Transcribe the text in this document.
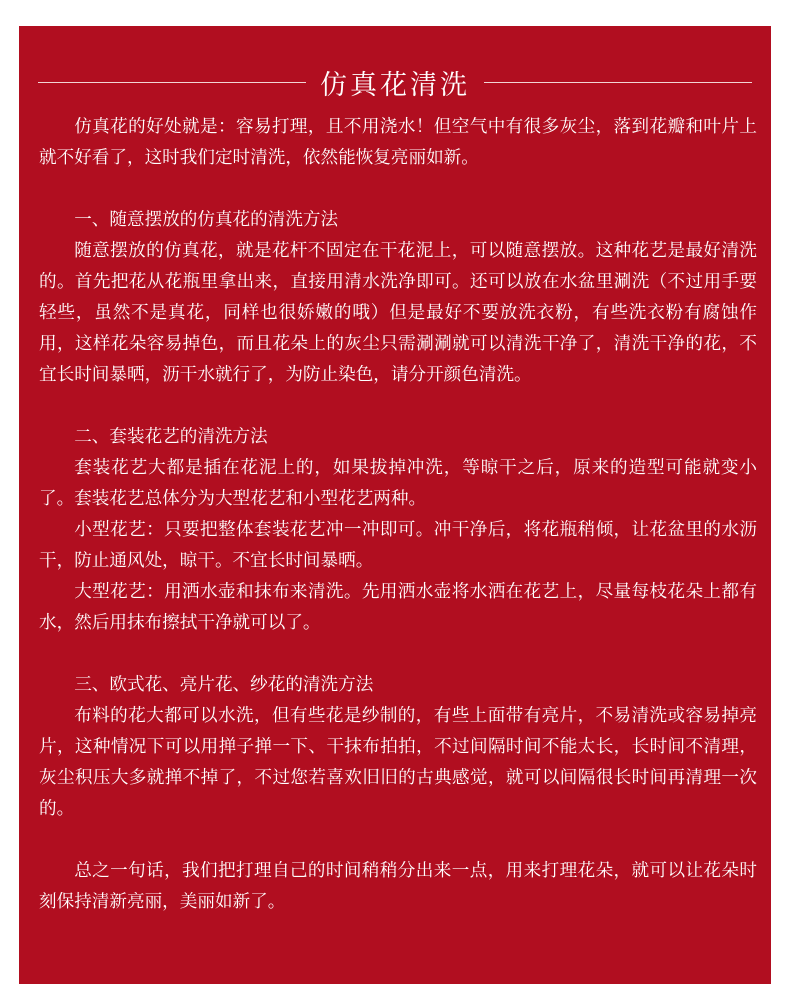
仿真花清洗

仿真花的好处就是：容易打理，且不用浇水！但空气中有很多灰尘，落到花瓣和叶片上就不好看了，这时我们定时清洗，依然能恢复亮丽如新。

一、随意摆放的仿真花的清洗方法

随意摆放的仿真花，就是花杆不固定在干花泥上，可以随意摆放。这种花艺是最好清洗的。首先把花从花瓶里拿出来，直接用清水洗净即可。还可以放在水盆里涮洗（不过用手要轻些，虽然不是真花，同样也很娇嫩的哦）但是最好不要放洗衣粉，有些洗衣粉有腐蚀作用，这样花朵容易掉色，而且花朵上的灰尘只需涮涮就可以清洗干净了，清洗干净的花，不宜长时间暴晒，沥干水就行了，为防止染色，请分开颜色清洗。

二、套装花艺的清洗方法

套装花艺大都是插在花泥上的，如果拔掉冲洗，等晾干之后，原来的造型可能就变小了。套装花艺总体分为大型花艺和小型花艺两种。

小型花艺：只要把整体套装花艺冲一冲即可。冲干净后，将花瓶稍倾，让花盆里的水沥干，防止通风处，晾干。不宜长时间暴晒。

大型花艺：用洒水壶和抹布来清洗。先用洒水壶将水洒在花艺上，尽量每枝花朵上都有水，然后用抹布擦拭干净就可以了。

三、欧式花、亮片花、纱花的清洗方法

布料的花大都可以水洗，但有些花是纱制的，有些上面带有亮片，不易清洗或容易掉亮片，这种情况下可以用掸子掸一下、干抹布拍拍，不过间隔时间不能太长，长时间不清理，灰尘积压大多就掸不掉了，不过您若喜欢旧旧的古典感觉，就可以间隔很长时间再清理一次的。

总之一句话，我们把打理自己的时间稍稍分出来一点，用来打理花朵，就可以让花朵时刻保持清新亮丽，美丽如新了。
